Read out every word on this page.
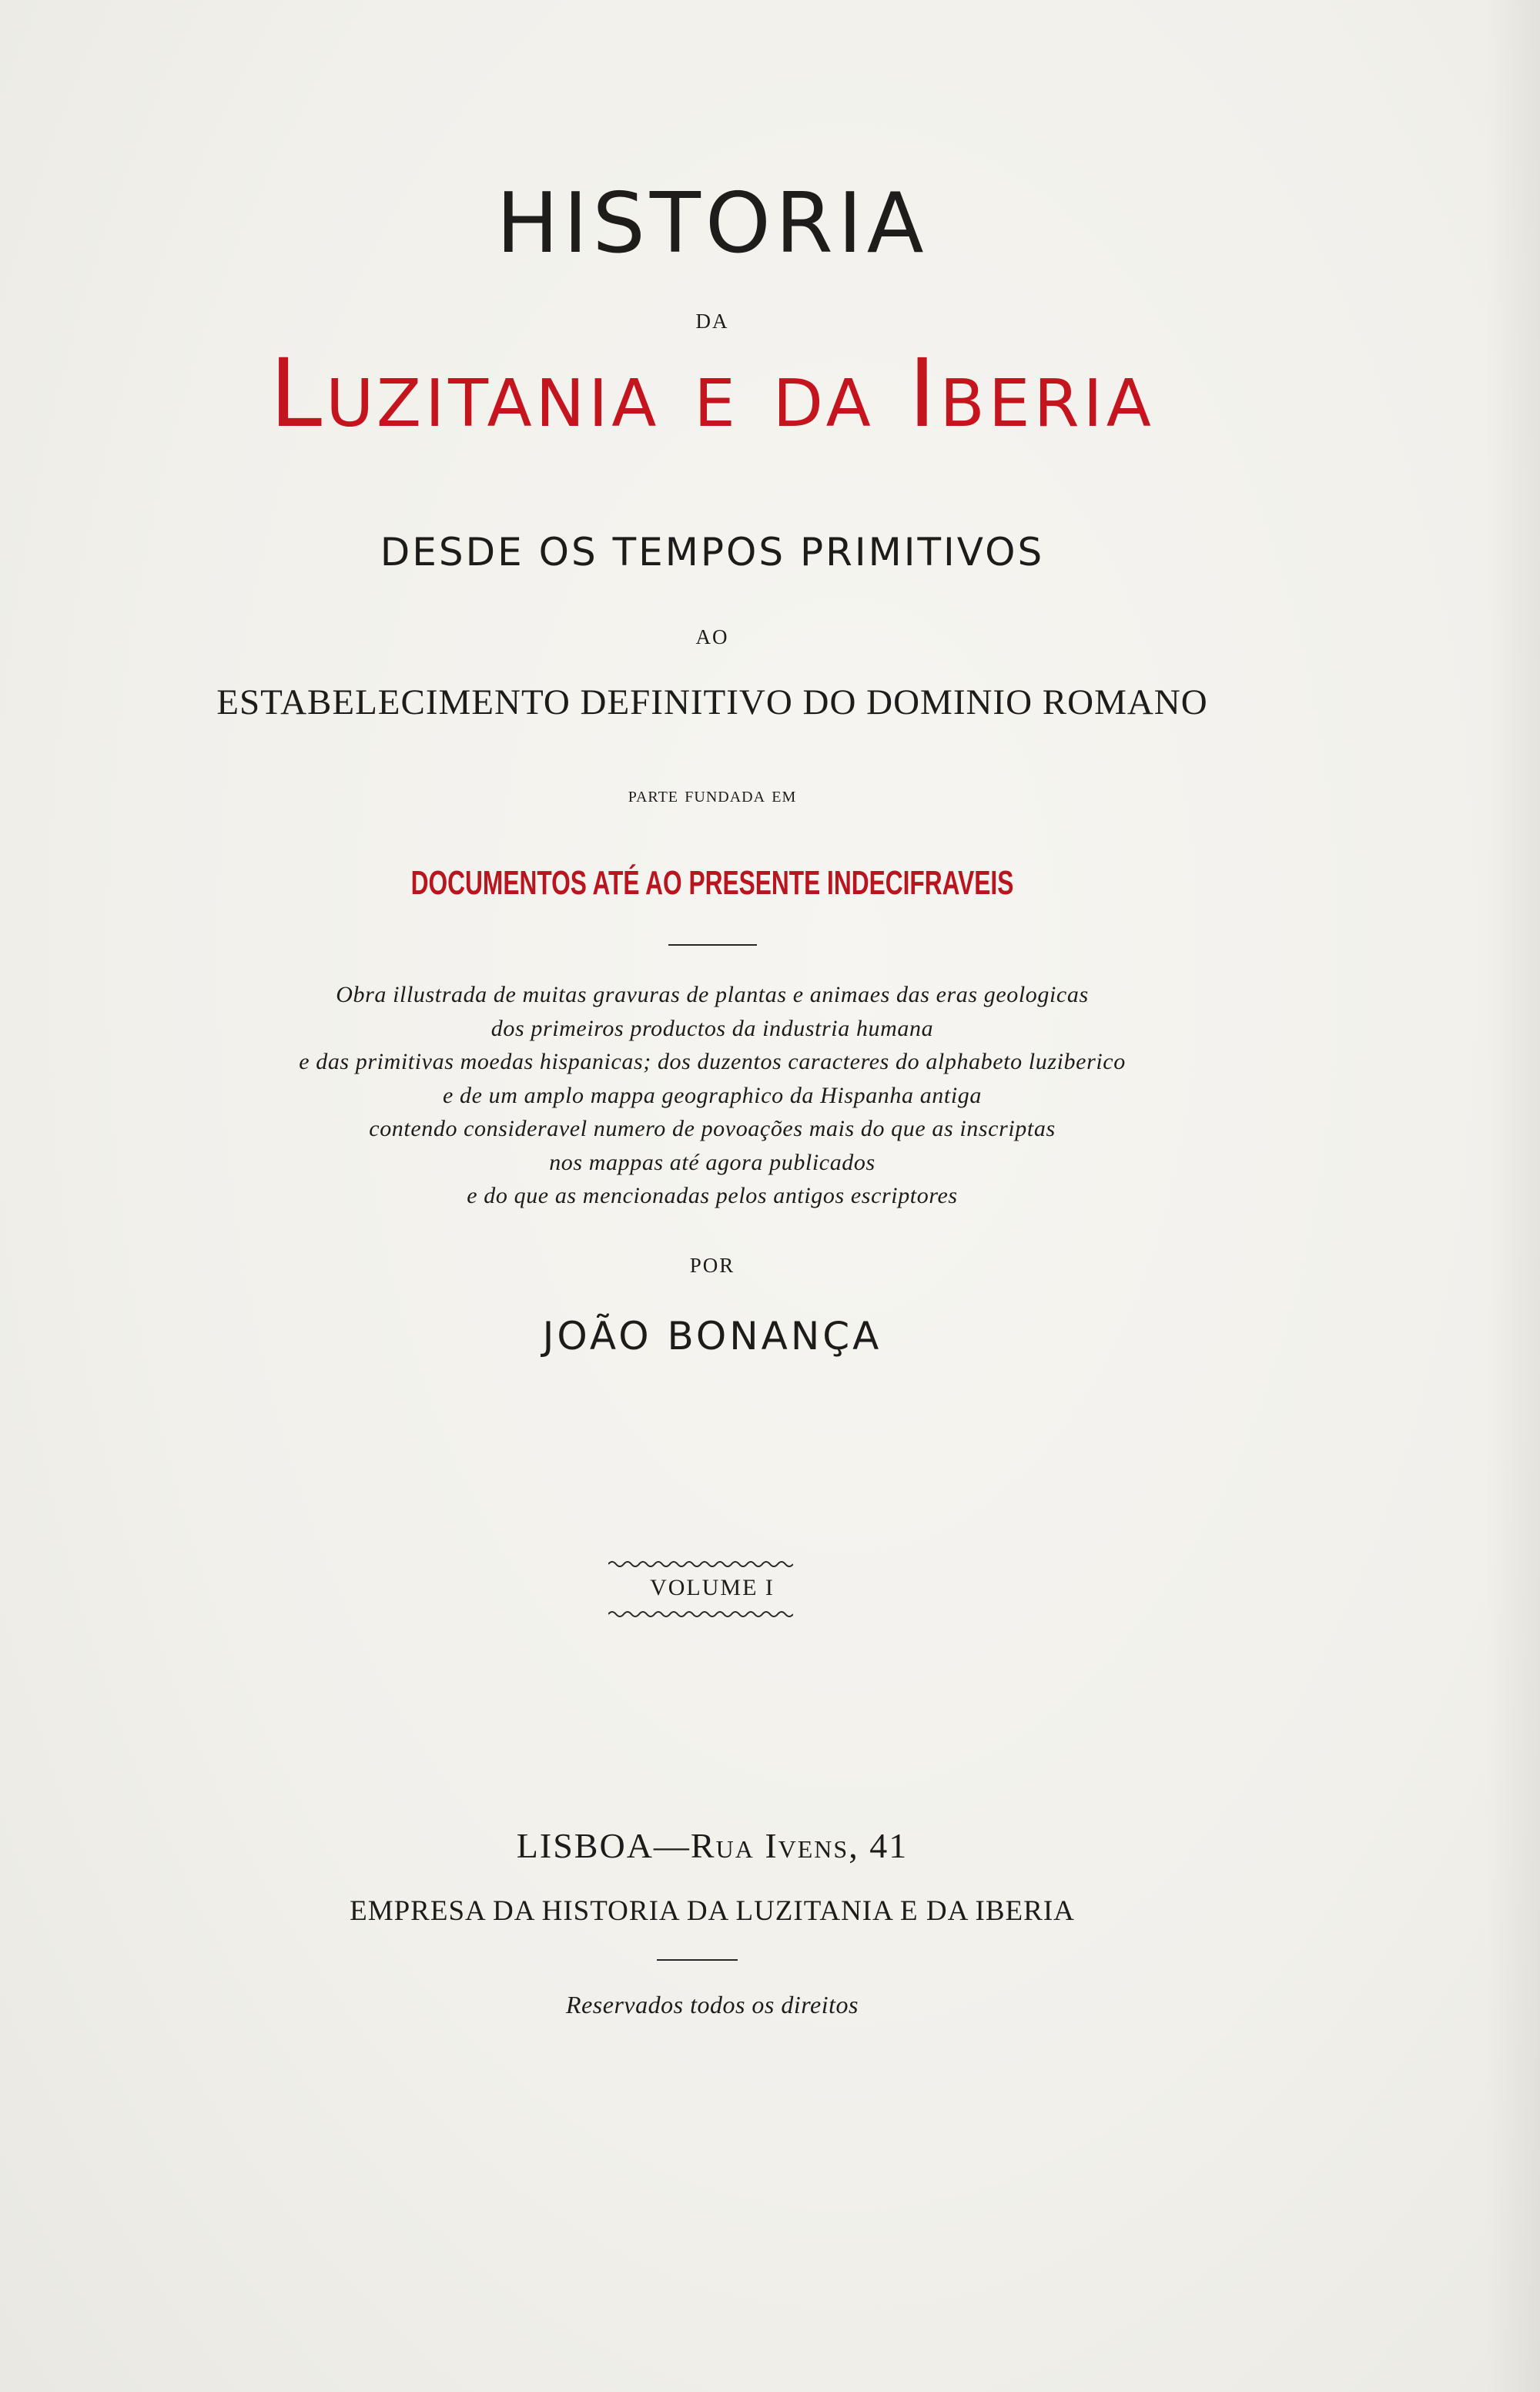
HISTORIA
DA
Luzitania e da Iberia
DESDE OS TEMPOS PRIMITIVOS
AO
ESTABELECIMENTO DEFINITIVO DO DOMINIO ROMANO
parte fundada em
DOCUMENTOS ATÉ AO PRESENTE INDECIFRAVEIS
Obra illustrada de muitas gravuras de plantas e animaes das eras geologicas
dos primeiros productos da industria humana
e das primitivas moedas hispanicas; dos duzentos caracteres do alphabeto luziberico
e de um amplo mappa geographico da Hispanha antiga
contendo consideravel numero de povoações mais do que as inscriptas
nos mappas até agora publicados
e do que as mencionadas pelos antigos escriptores
POR
JOÃO BONANÇA
VOLUME I
LISBOA—Rua Ivens, 41
EMPRESA DA HISTORIA DA LUZITANIA E DA IBERIA
Reservados todos os direitos
